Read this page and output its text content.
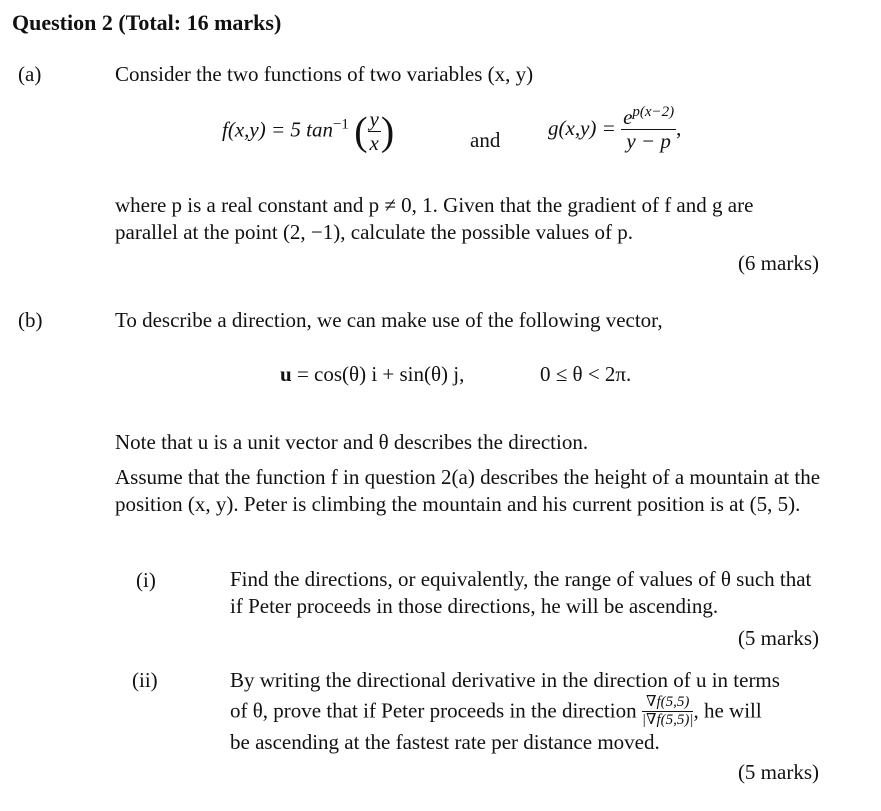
Question 2 (Total: 16 marks)
(a)	Consider the two functions of two variables (x, y)
f(x,y) = 5 $\tan^{-1}$ ( $\frac{y}{x}$ )	and $g(x,y) = \frac{e^{p(x-2)}}{y - p}$ ,
where p is a real constant and p ≠ 0, 1. Given that the gradient of f and g are parallel at the point (2, −1), calculate the possible values of p.
(6 marks)
(b)	To describe a direction, we can make use of the following vector,
u = cos(θ) i + sin(θ) j,	0 ≤ θ < 2π.
Note that u is a unit vector and θ describes the direction.
Assume that the function f in question 2(a) describes the height of a mountain at the position (x, y). Peter is climbing the mountain and his current position is at (5, 5).
(i)	Find the directions, or equivalently, the range of values of θ such that if Peter proceeds in those directions, he will be ascending.
(5 marks)
(ii)	By writing the directional derivative in the direction of u in terms
of θ, prove that if Peter proceeds in the direction $\frac{\nabla f(5,5)}{|\nabla f(5,5)|}$ , he will
be ascending at the fastest rate per distance moved.
(5 marks)
